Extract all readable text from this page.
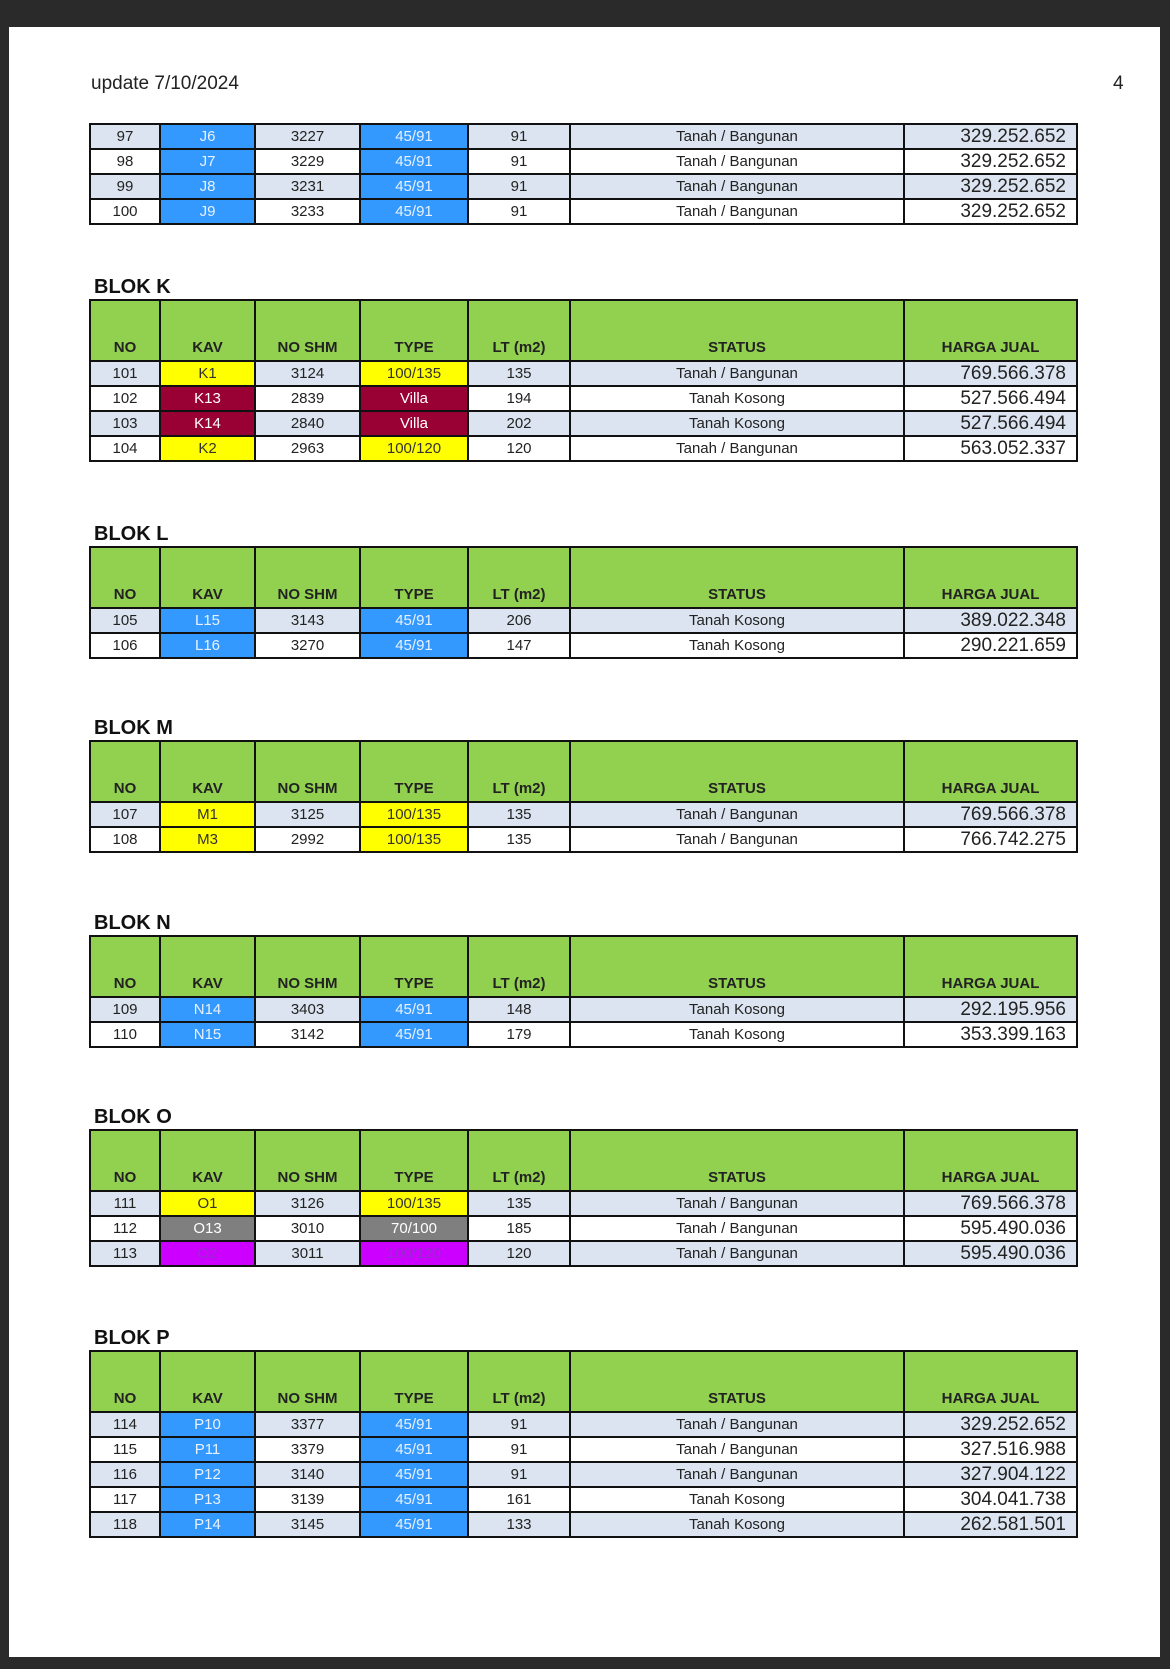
update 7/10/2024	4
97	J6	3227	45/91	91	Tanah / Bangunan	329.252.652
98	J7	3229	45/91	91	Tanah / Bangunan	329.252.652
99	J8	3231	45/91	91	Tanah / Bangunan	329.252.652
100	J9	3233	45/91	91	Tanah / Bangunan	329.252.652
BLOK K
NO	KAV	NO SHM	TYPE	LT (m2)	STATUS	HARGA JUAL
101	K1	3124	100/135	135	Tanah / Bangunan	769.566.378
102	K13	2839	Villa	194	Tanah Kosong	527.566.494
103	K14	2840	Villa	202	Tanah Kosong	527.566.494
104	K2	2963	100/120	120	Tanah / Bangunan	563.052.337
BLOK L
NO	KAV	NO SHM	TYPE	LT (m2)	STATUS	HARGA JUAL
105	L15	3143	45/91	206	Tanah Kosong	389.022.348
106	L16	3270	45/91	147	Tanah Kosong	290.221.659
BLOK M
NO	KAV	NO SHM	TYPE	LT (m2)	STATUS	HARGA JUAL
107	M1	3125	100/135	135	Tanah / Bangunan	769.566.378
108	M3	2992	100/135	135	Tanah / Bangunan	766.742.275
BLOK N
NO	KAV	NO SHM	TYPE	LT (m2)	STATUS	HARGA JUAL
109	N14	3403	45/91	148	Tanah Kosong	292.195.956
110	N15	3142	45/91	179	Tanah Kosong	353.399.163
BLOK O
NO	KAV	NO SHM	TYPE	LT (m2)	STATUS	HARGA JUAL
111	O1	3126	100/135	135	Tanah / Bangunan	769.566.378
112	O13	3010	70/100	185	Tanah / Bangunan	595.490.036
113	O2	3011	100/120	120	Tanah / Bangunan	595.490.036
BLOK P
NO	KAV	NO SHM	TYPE	LT (m2)	STATUS	HARGA JUAL
114	P10	3377	45/91	91	Tanah / Bangunan	329.252.652
115	P11	3379	45/91	91	Tanah / Bangunan	327.516.988
116	P12	3140	45/91	91	Tanah / Bangunan	327.904.122
117	P13	3139	45/91	161	Tanah Kosong	304.041.738
118	P14	3145	45/91	133	Tanah Kosong	262.581.501
